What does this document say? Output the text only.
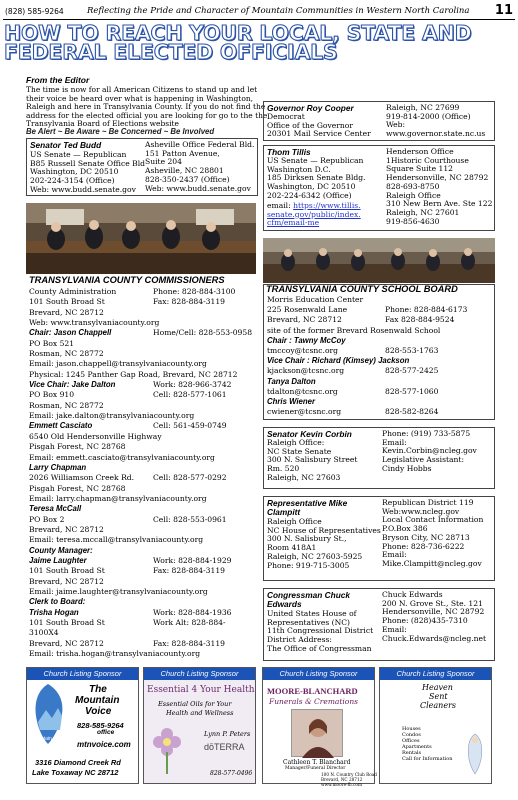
(828) 585-9264	Reflecting the Pride and Character of Mountain Communities in Western North Carolina 11
HOW TO REACH YOUR LOCAL, STATE AND
FEDERAL ELECTED OFFICIALS
From the Editor
The time is now for all American Citizens to stand up and let
their voice be heard over what is happening in Washington,
Raleigh and here in Transylvania County. If you do not find the
address for the elected official you are looking for go to the the
Transylvania Board of Elections website
Be Alert ~ Be Aware ~ Be Concerned ~ Be Involved
Senator Ted Budd
US Senate — Republican
B85 Russell Senate Office Bld
Washington, DC 20510
202-224-3154 (Office)
Web: www.budd.senate.gov
Asheville Office Federal Bld.
151 Patton Avenue,
Suite 204
Asheville, NC 28801
828-350-2437 (Office)
Web: www.budd.senate.gov
Governor Roy Cooper
Democrat
Office of the Governor
20301 Mail Service Center
Raleigh, NC 27699
919-814-2000 (Office)
Web:
www.governor.state.nc.us
Thom Tillis
US Senate — Republican
Washington D.C.
185 Dirksen Senate Bldg.
Washington, DC 20510
202-224-6342 (Office)
email: https://www.tillis.
senate.gov/public/index.
cfm/email-me
Henderson Office
1Historic Courthouse
Square Suite 112
Hendersonville, NC 28792
828-693-8750
Raleigh Office
310 New Bern Ave. Ste 122
Raleigh, NC 27601
919-856-4630
TRANSYLVANIA COUNTY COMMISSIONERS
County Administration	Phone: 828-884-3100
101 South Broad St	Fax: 828-884-3119
Brevard, NC 28712
Web: www.transylvaniacounty.org
Chair: Jason Chappell	Home/Cell: 828-553-0958
PO Box 521
Rosman, NC 28772
Email: jason.chappell@transylvaniacounty.org
Physical: 1245 Panther Gap Road, Brevard, NC 28712
Vice Chair: Jake Dalton	Work: 828-966-3742
PO Box 910	Cell: 828-577-1061
Rosman, NC 28772
Email: jake.dalton@transylvaniacounty.org
Emmett Casciato	Cell: 561-459-0749
6540 Old Hendersonville Highway
Pisgah Forest, NC 28768
Email: emmett.casciato@transylvaniacounty.org
Larry Chapman
2026 Williamson Creek Rd. Cell: 828-577-0292
Pisgah Forest, NC 28768
Email: larry.chapman@transylvaniacounty.org
Teresa McCall
PO Box 2	Cell: 828-553-0961
Brevard, NC 28712
Email: teresa.mccall@transylvaniacounty.org
County Manager:
Jaime Laughter	Work: 828-884-1929
101 South Broad St	Fax: 828-884-3119
Brevard, NC 28712
Email: jaime.laughter@transylvaniacounty.org
Clerk to Board:
Trisha Hogan	Work: 828-884-1936
101 South Broad St	Work Alt: 828-884-
3100X4
Brevard, NC 28712	Fax: 828-884-3119
Email: trisha.hogan@transylvaniacounty.org
TRANSYLVANIA COUNTY SCHOOL BOARD
Morris Education Center
225 Rosenwald Lane	Phone: 828-884-6173
Brevard, NC 28712	Fax 828-884-9524
site of the former Brevard Rosenwald School
Chair : Tawny McCoy
tmccoy@tcsnc.org	828-553-1763
Vice Chair : Richard (Kimsey) Jackson
kjackson@tcsnc.org	828-577-2425
Tanya Dalton
tdalton@tcsnc.org	828-577-1060
Chris Wiener
cwiener@tcsnc.org	828-582-8264
Senator Kevin Corbin
Raleigh Office:
NC State Senate
300 N. Salisbury Street
Rm. 520
Raleigh, NC 27603
Phone: (919) 733-5875
Email:
Kevin.Corbin@ncleg.gov
Legislative Assistant:
Cindy Hobbs
Representative Mike
Clampitt
Raleigh Office
NC House of Representatives
300 N. Salisbury St.,
Room 418A1
Raleigh, NC 27603-5925
Phone: 919-715-3005
Republican District 119
Web:www.ncleg.gov
Local Contact Information
P.O.Box 386
Bryson City, NC 28713
Phone: 828-736-6222
Email:
Mike.Clampitt@ncleg.gov
Congressman Chuck
Edwards
United States House of
Representatives (NC)
11th Congressional District
District Address:
The Office of Congressman
Chuck Edwards
200 N. Grove St., Ste. 121
Hendersonville, NC 28792
Phone: (828)435-7310
Email:
Chuck.Edwards@ncleg.net
Church Listing Sponsor
mountain voice
The
Mountain
Voice
828-585-9264
office
mtnvoice.com
3316 Diamond Creek Rd
Lake Toxaway NC 28712
Church Listing Sponsor
Essential 4 Your Health
Essential Oils for Your
Health and Wellness
Lynn P. Peters
dōTERRA
828-577-0496
Church Listing Sponsor
MOORE-BLANCHARD
Funerals & Cremations
Cathleen T. Blanchard
Manager/Funeral Director
100 N. Country Club Road
Brevard, NC 28712
www.moore-fh.com
Church Listing Sponsor
Heaven
Sent
Cleaners
Houses
Condos
Offices
Apartments
Rentals
Call for Information
